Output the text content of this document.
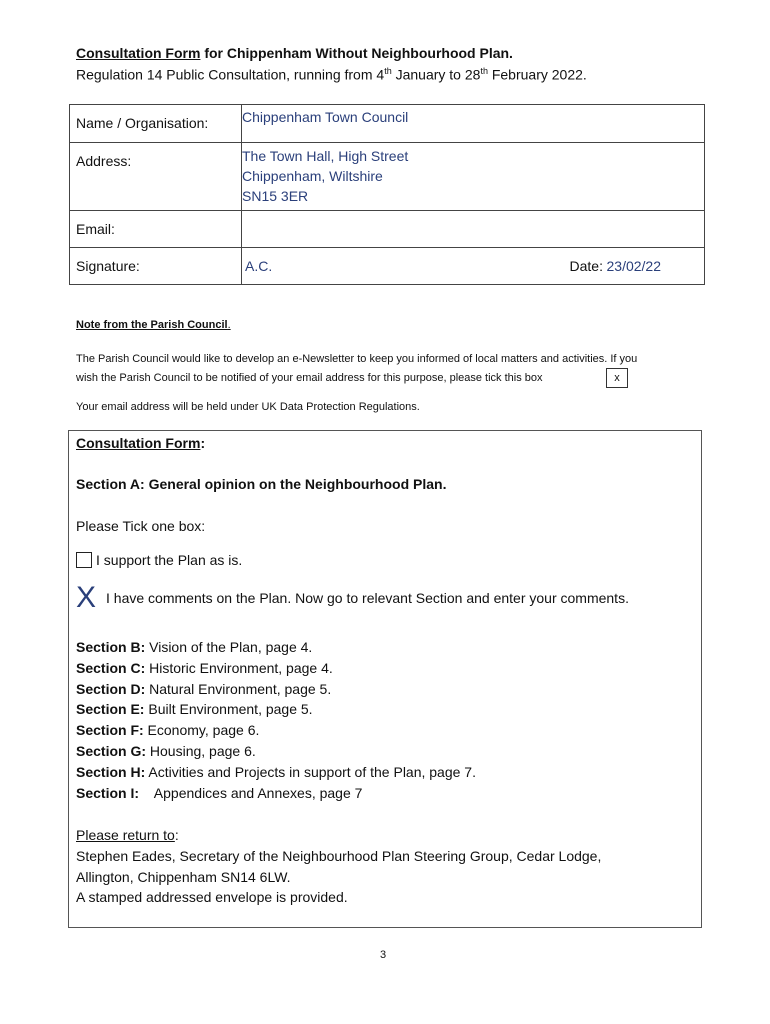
Consultation Form for Chippenham Without Neighbourhood Plan.
Regulation 14 Public Consultation, running from 4th January to 28th February 2022.
Name / Organisation:	Chippenham Town Council

Address:	The Town Hall, High Street
Chippenham, Wiltshire
SN15 3ER

Email:	

Signature:	A.C. Date: 23/02/22
Note from the Parish Council.
The Parish Council would like to develop an e-Newsletter to keep you informed of local matters and activities. If you
wish the Parish Council to be notified of your email address for this purpose, please tick this box	x
Your email address will be held under UK Data Protection Regulations.
Consultation Form:
Section A: General opinion on the Neighbourhood Plan.
Please Tick one box:
I support the Plan as is.
X I have comments on the Plan. Now go to relevant Section and enter your comments.
Section B: Vision of the Plan, page 4.
Section C: Historic Environment, page 4.
Section D: Natural Environment, page 5.
Section E: Built Environment, page 5.
Section F: Economy, page 6.
Section G: Housing, page 6.
Section H: Activities and Projects in support of the Plan, page 7.
Section I:    Appendices and Annexes, page 7
Please return to:
Stephen Eades, Secretary of the Neighbourhood Plan Steering Group, Cedar Lodge,
Allington, Chippenham SN14 6LW.
A stamped addressed envelope is provided.
3
